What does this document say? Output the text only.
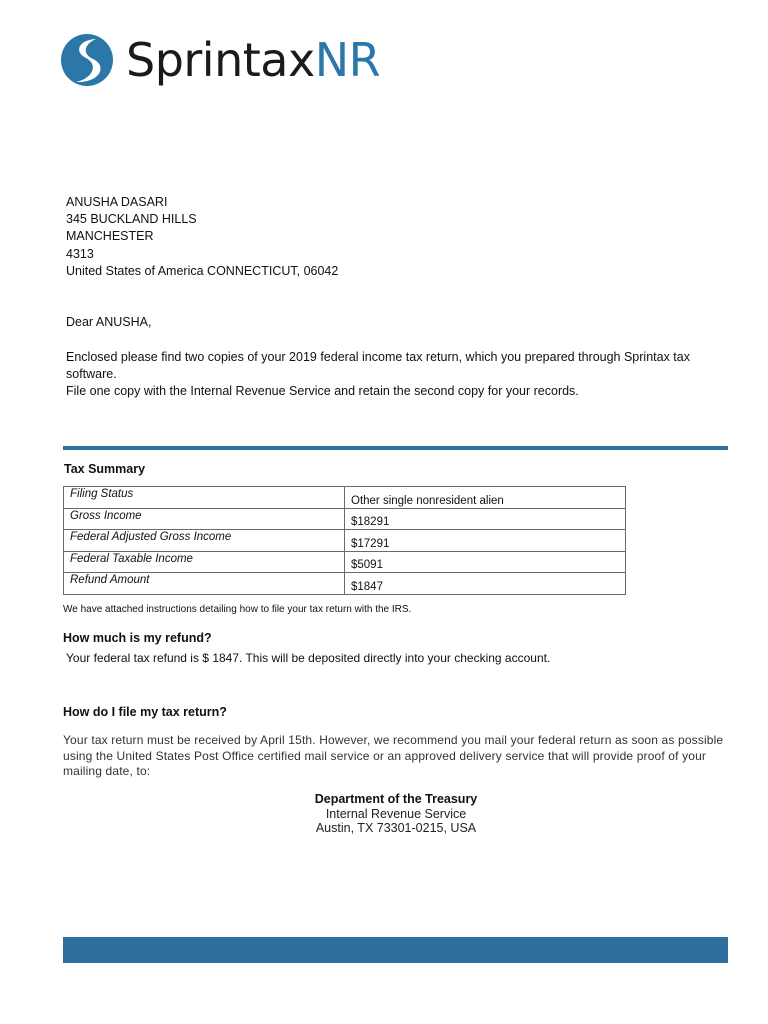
SprintaxNR
ANUSHA DASARI
345 BUCKLAND HILLS
MANCHESTER
4313
United States of America CONNECTICUT, 06042
Dear ANUSHA,
Enclosed please find two copies of your 2019 federal income tax return, which you prepared through Sprintax tax software.
File one copy with the Internal Revenue Service and retain the second copy for your records.
Tax Summary
Filing Status	Other single nonresident alien
Gross Income	$18291
Federal Adjusted Gross Income	$17291
Federal Taxable Income	$5091
Refund Amount	$1847
We have attached instructions detailing how to file your tax return with the IRS.
How much is my refund?
Your federal tax refund is $ 1847. This will be deposited directly into your checking account.
How do I file my tax return?
Your tax return must be received by April 15th. However, we recommend you mail your federal return as soon as possible using the United States Post Office certified mail service or an approved delivery service that will provide proof of your mailing date, to:
Department of the Treasury
Internal Revenue Service
Austin, TX 73301-0215, USA
